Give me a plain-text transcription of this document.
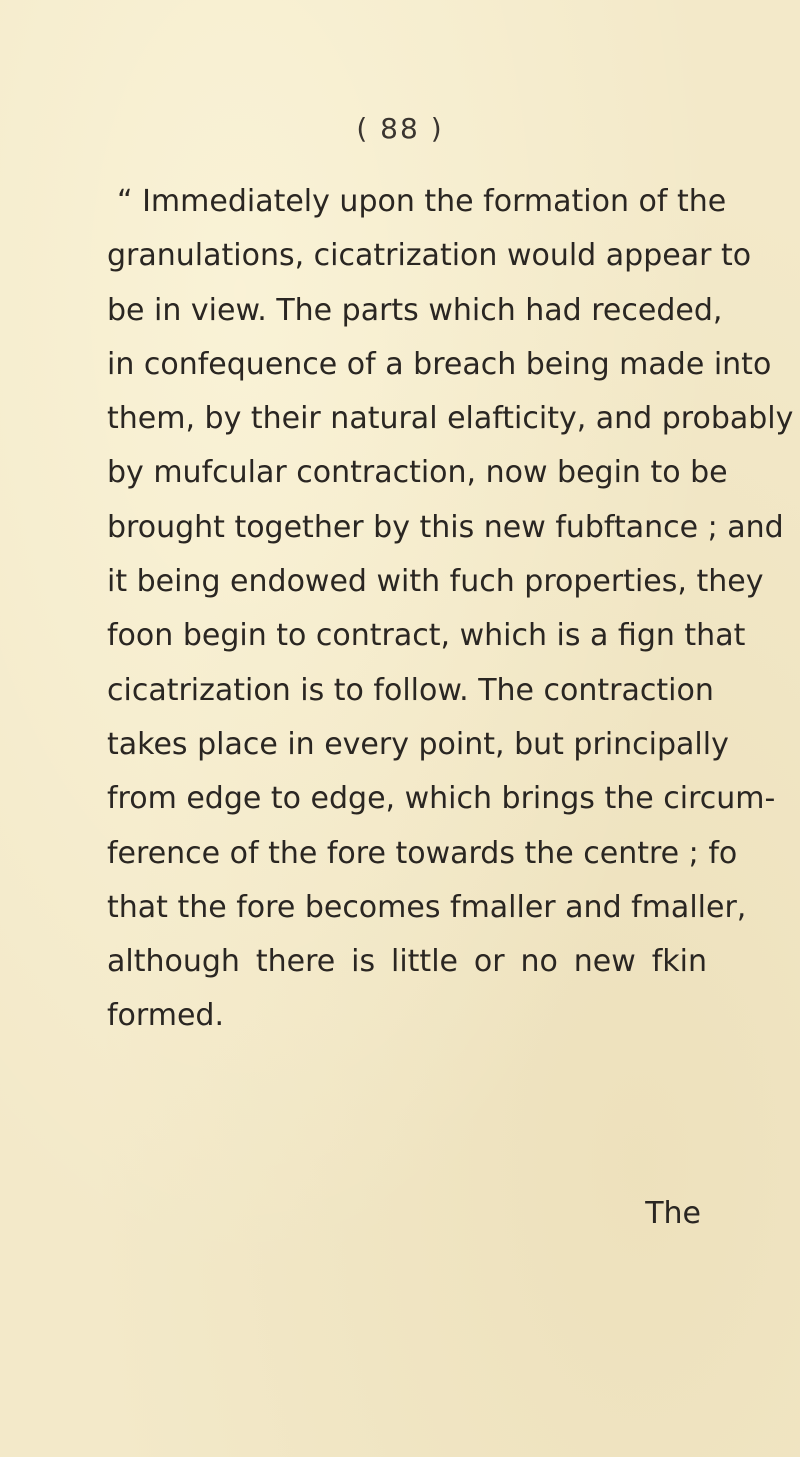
( 88 )
“ Immediately upon the formation of the
granulations, cicatrization would appear to
be in view. The parts which had receded,
in confequence of a breach being made into
them, by their natural elafticity, and probably
by mufcular contraction, now begin to be
brought together by this new fubftance ; and
it being endowed with fuch properties, they
foon begin to contract, which is a fign that
cicatrization is to follow. The contraction
takes place in every point, but principally
from edge to edge, which brings the circum-
ference of the fore towards the centre ; fo
that the fore becomes fmaller and fmaller,
although there is little or no new fkin
formed.
The
